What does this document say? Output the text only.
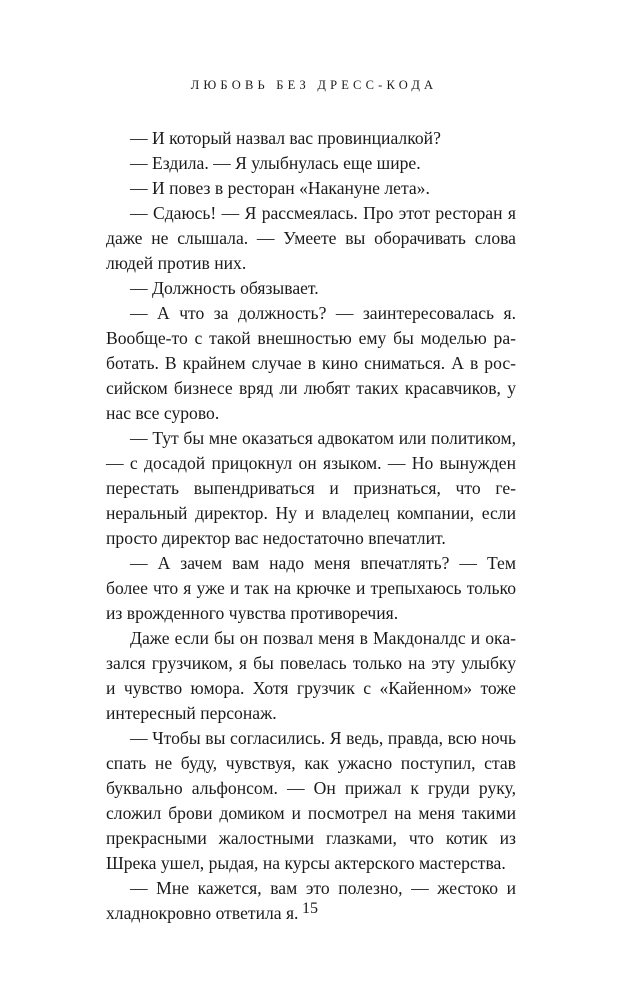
ЛЮБОВЬ БЕЗ ДРЕСС-КОДА

— И который назвал вас провинциалкой?

— Ездила. — Я улыбнулась еще шире.

— И повез в ресторан «Накануне лета».

— Сдаюсь! — Я рассмеялась. Про этот ресторан я даже не слышала. — Умеете вы оборачивать слова людей против них.

— Должность обязывает.

— А что за должность? — заинтересовалась я. Вообще-то с такой внешностью ему бы моделью работать. В крайнем случае в кино сниматься. А в российском бизнесе вряд ли любят таких красавчиков, у нас все сурово.

— Тут бы мне оказаться адвокатом или политиком, — с досадой прицокнул он языком. — Но вынужден перестать выпендриваться и признаться, что генеральный директор. Ну и владелец компании, если просто директор вас недостаточно впечатлит.

— А зачем вам надо меня впечатлять? — Тем более что я уже и так на крючке и трепыхаюсь только из врожденного чувства противоречия.

Даже если бы он позвал меня в Макдоналдс и оказался грузчиком, я бы повелась только на эту улыбку и чувство юмора. Хотя грузчик с «Кайенном» тоже интересный персонаж.

— Чтобы вы согласились. Я ведь, правда, всю ночь спать не буду, чувствуя, как ужасно поступил, став буквально альфонсом. — Он прижал к груди руку, сложил брови домиком и посмотрел на меня такими прекрасными жалостными глазками, что котик из Шрека ушел, рыдая, на курсы актерского мастерства.

— Мне кажется, вам это полезно, — жестоко и хладнокровно ответила я. 15
